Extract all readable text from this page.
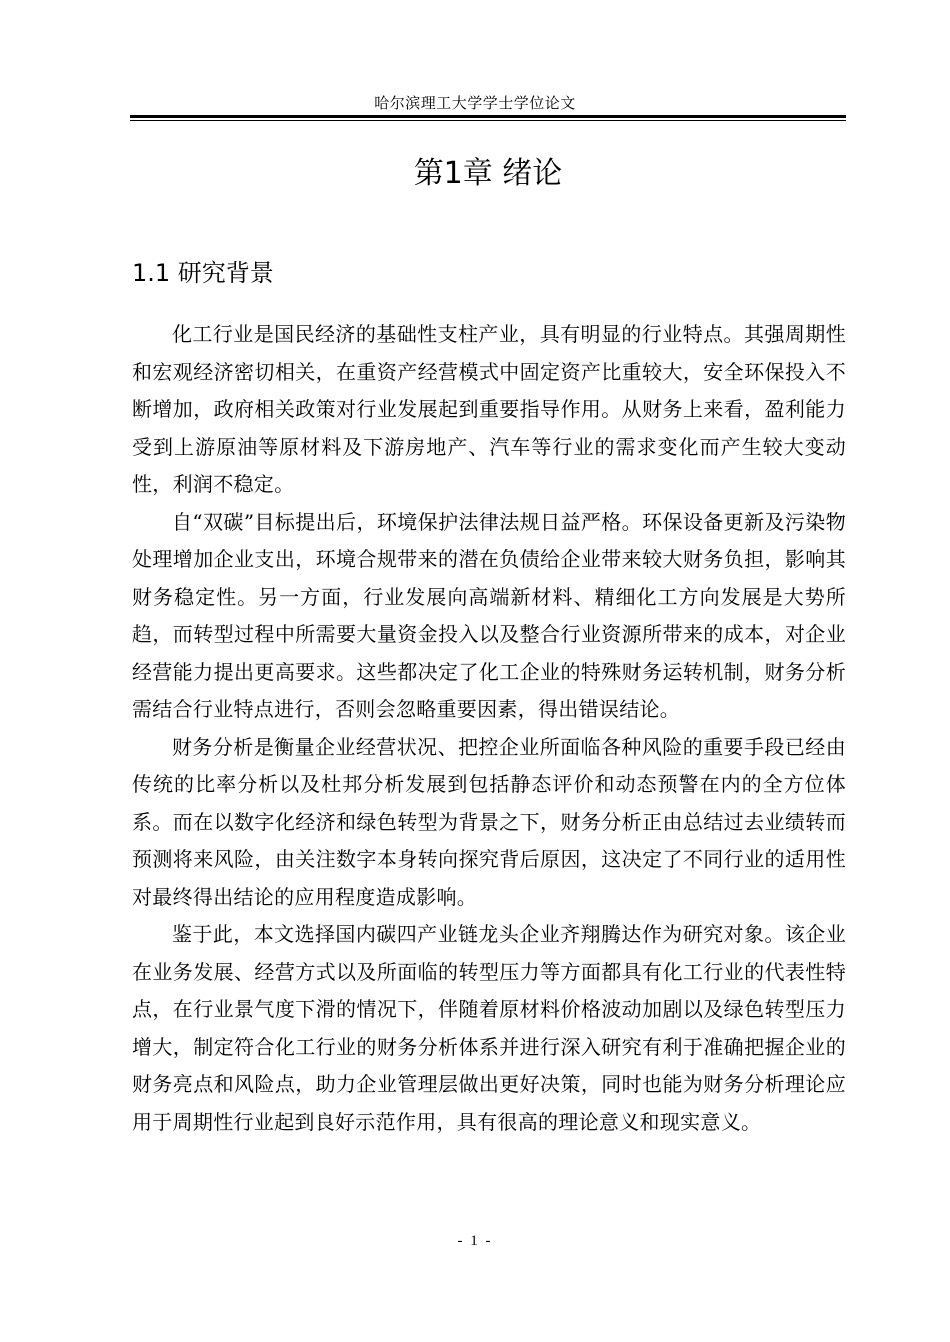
哈尔滨理工大学学士学位论文
第1章 绪论
1.1 研究背景

化工行业是国民经济的基础性支柱产业，具有明显的行业特点。其强周期性和宏观经济密切相关，在重资产经营模式中固定资产比重较大，安全环保投入不断增加，政府相关政策对行业发展起到重要指导作用。从财务上来看，盈利能力受到上游原油等原材料及下游房地产、汽车等行业的需求变化而产生较大变动性，利润不稳定。

自“双碳”目标提出后，环境保护法律法规日益严格。环保设备更新及污染物处理增加企业支出，环境合规带来的潜在负债给企业带来较大财务负担，影响其财务稳定性。另一方面，行业发展向高端新材料、精细化工方向发展是大势所趋，而转型过程中所需要大量资金投入以及整合行业资源所带来的成本，对企业经营能力提出更高要求。这些都决定了化工企业的特殊财务运转机制，财务分析需结合行业特点进行，否则会忽略重要因素，得出错误结论。

财务分析是衡量企业经营状况、把控企业所面临各种风险的重要手段已经由传统的比率分析以及杜邦分析发展到包括静态评价和动态预警在内的全方位体系。而在以数字化经济和绿色转型为背景之下，财务分析正由总结过去业绩转而预测将来风险，由关注数字本身转向探究背后原因，这决定了不同行业的适用性对最终得出结论的应用程度造成影响。

鉴于此，本文选择国内碳四产业链龙头企业齐翔腾达作为研究对象。该企业在业务发展、经营方式以及所面临的转型压力等方面都具有化工行业的代表性特点，在行业景气度下滑的情况下，伴随着原材料价格波动加剧以及绿色转型压力增大，制定符合化工行业的财务分析体系并进行深入研究有利于准确把握企业的财务亮点和风险点，助力企业管理层做出更好决策，同时也能为财务分析理论应用于周期性行业起到良好示范作用，具有很高的理论意义和现实意义。

- 1 -
